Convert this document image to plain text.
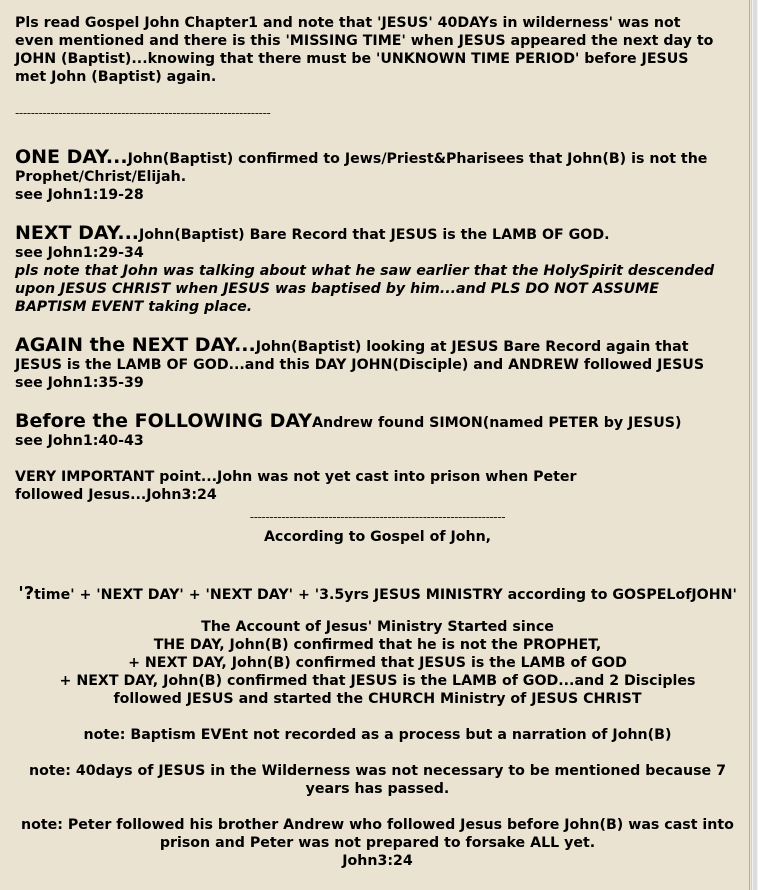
Pls read Gospel John Chapter1 and note that 'JESUS' 40DAYs in wilderness' was not even mentioned and there is this 'MISSING TIME' when JESUS appeared the next day to JOHN (Baptist)...knowing that there must be 'UNKNOWN TIME PERIOD' before JESUS met John (Baptist) again.

-----------------------------------------------------------------

ONE DAY...John(Baptist) confirmed to Jews/Priest&Pharisees that John(B) is not the Prophet/Christ/Elijah.

see John1:19-28

NEXT DAY...John(Baptist) Bare Record that JESUS is the LAMB OF GOD.

see John1:29-34

pls note that John was talking about what he saw earlier that the HolySpirit descended upon JESUS CHRIST when JESUS was baptised by him...and PLS DO NOT ASSUME BAPTISM EVENT taking place.

AGAIN the NEXT DAY...John(Baptist) looking at JESUS Bare Record again that JESUS is the LAMB OF GOD...and this DAY JOHN(Disciple) and ANDREW followed JESUS

see John1:35-39

Before the FOLLOWING DAYAndrew found SIMON(named PETER by JESUS)

see John1:40-43

VERY IMPORTANT point...John was not yet cast into prison when Peter followed Jesus...John3:24

-----------------------------------------------------------------

According to Gospel of John,

'?time' + 'NEXT DAY' + 'NEXT DAY' + '3.5yrs JESUS MINISTRY according to GOSPELofJOHN'

The Account of Jesus' Ministry Started since

THE DAY, John(B) confirmed that he is not the PROPHET,

+ NEXT DAY, John(B) confirmed that JESUS is the LAMB of GOD

+ NEXT DAY, John(B) confirmed that JESUS is the LAMB of GOD...and 2 Disciples followed JESUS and started the CHURCH Ministry of JESUS CHRIST

note: Baptism EVEnt not recorded as a process but a narration of John(B)

note: 40days of JESUS in the Wilderness was not necessary to be mentioned because 7 years has passed.

note: Peter followed his brother Andrew who followed Jesus before John(B) was cast into prison and Peter was not prepared to forsake ALL yet.

John3:24
